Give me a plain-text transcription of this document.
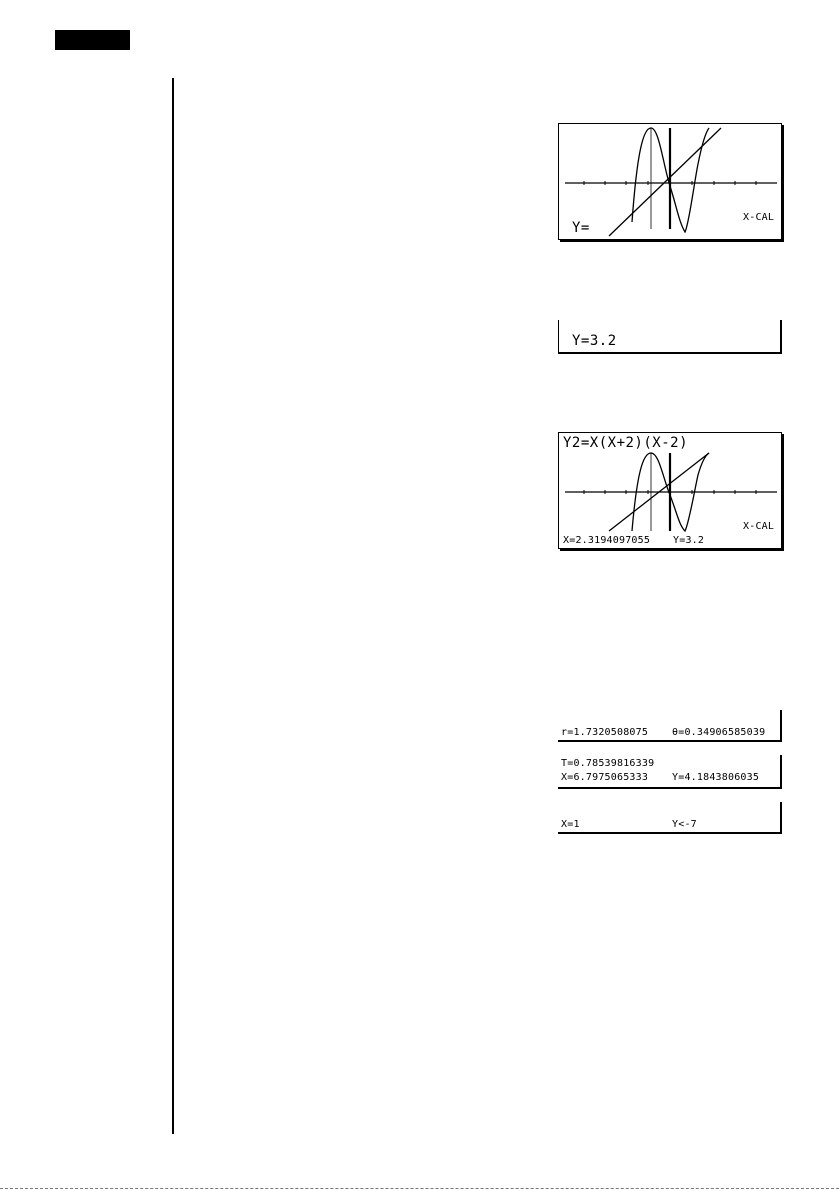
Y=
X-CAL
Y=3.2
Y2=X(X+2)(X-2)
X=2.3194097055 Y=3.2
X-CAL
r=1.7320508075 θ=0.34906585039
T=0.78539816339
X=6.7975065333 Y=4.1843806035
X=1	Y<-7
